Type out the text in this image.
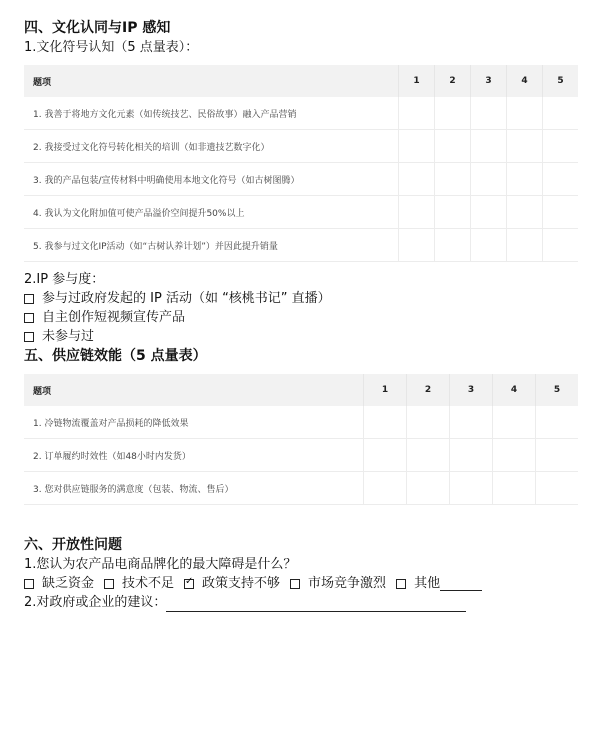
四、文化认同与IP 感知

1.文化符号认知（5 点量表）：

题项	1	2	3	4	5
1. 我善于将地方文化元素（如传统技艺、民俗故事）融入产品营销					
2. 我接受过文化符号转化相关的培训（如非遗技艺数字化）					
3. 我的产品包装/宣传材料中明确使用本地文化符号（如古树图腾）					
4. 我认为文化附加值可使产品溢价空间提升50%以上					
5. 我参与过文化IP活动（如“古树认养计划”）并因此提升销量					

2.IP 参与度：

参与过政府发起的 IP 活动（如 “核桃书记” 直播）
自主创作短视频宣传产品
未参与过

五、供应链效能（5 点量表）

题项	1	2	3	4	5
1. 冷链物流覆盖对产品损耗的降低效果					
2. 订单履约时效性（如48小时内发货）					
3. 您对供应链服务的满意度（包装、物流、售后）					

六、开放性问题

1.您认为农产品电商品牌化的最大障碍是什么？

缺乏资金 技术不足 ✓ 政策支持不够 市场竞争激烈 其他
2.对政府或企业的建议：
